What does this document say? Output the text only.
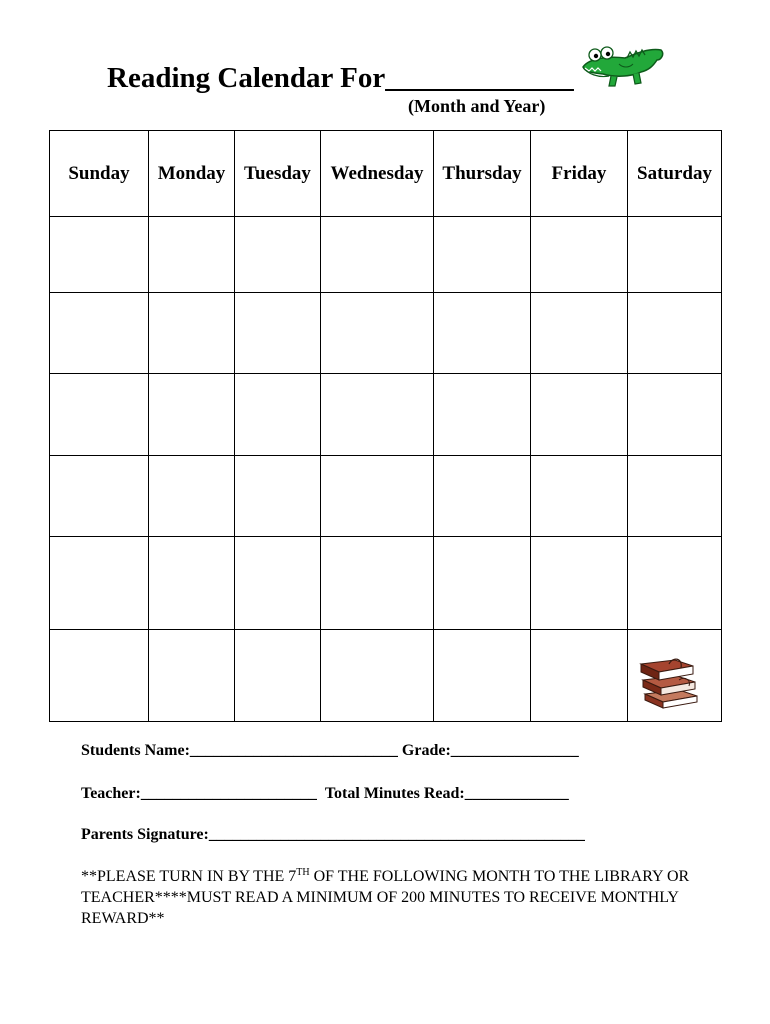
Reading Calendar For_____________
(Month and Year)
Sunday	Monday	Tuesday	Wednesday	Thursday	Friday	Saturday

Students Name:__________________________ Grade:________________
Teacher:______________________ Total Minutes Read:_____________
Parents Signature:_______________________________________________
**PLEASE TURN IN BY THE 7TH OF THE FOLLOWING MONTH TO THE LIBRARY OR TEACHER****MUST READ A MINIMUM OF 200 MINUTES TO RECEIVE MONTHLY REWARD**
